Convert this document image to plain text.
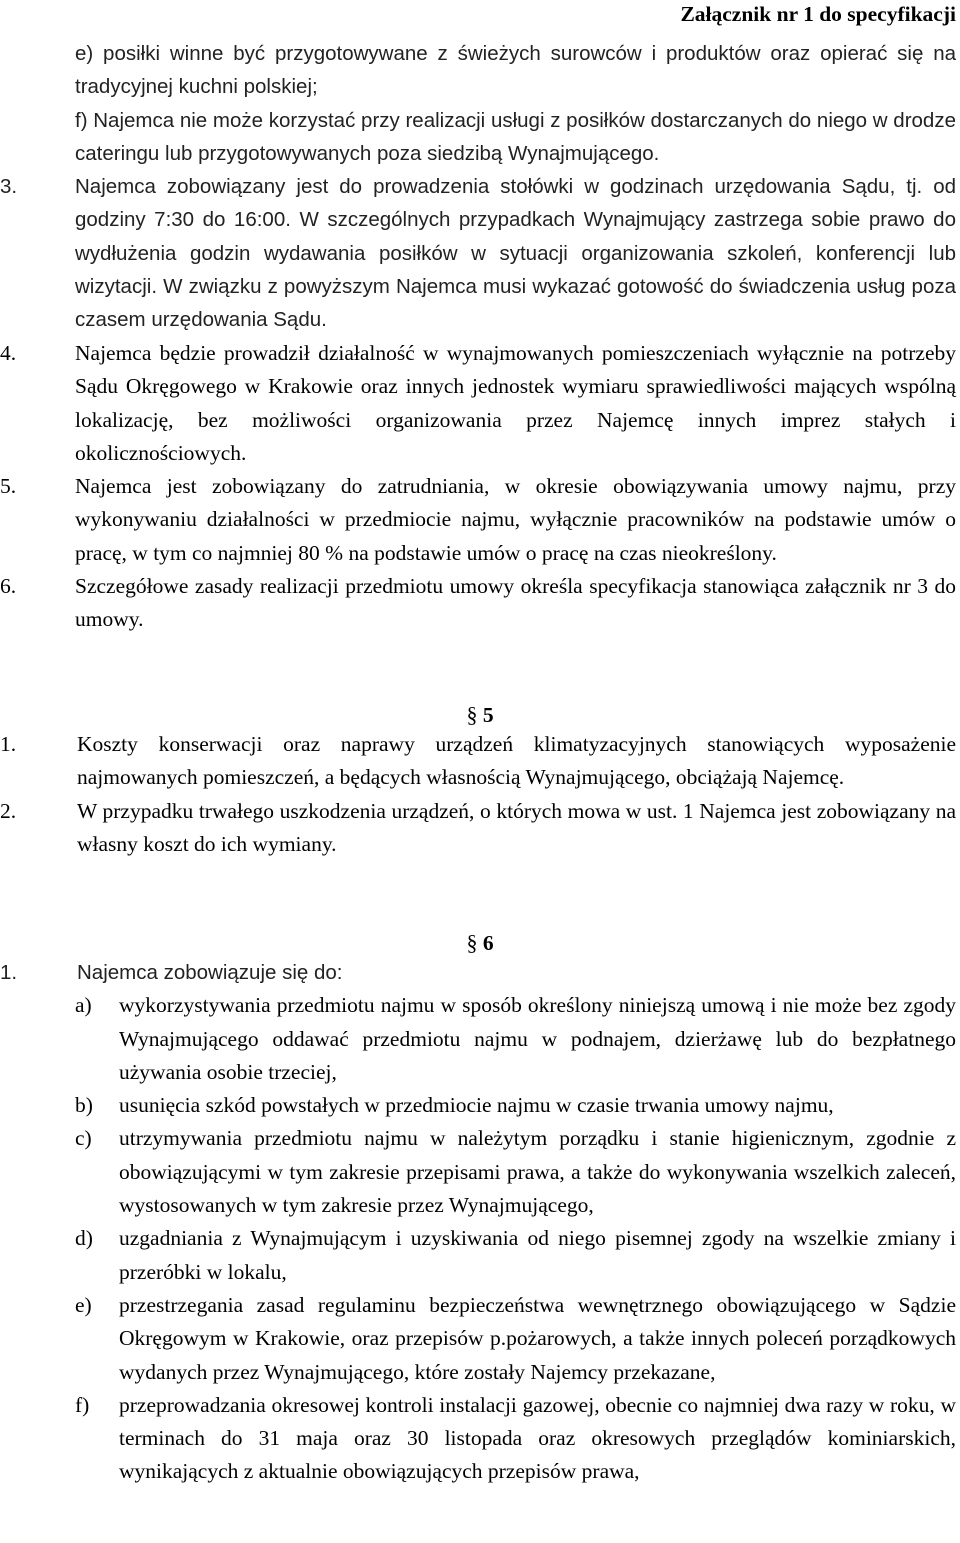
Załącznik nr 1 do specyfikacji

e) posiłki winne być przygotowywane z świeżych surowców i produktów oraz opierać się na tradycyjnej kuchni polskiej;

f) Najemca nie może korzystać przy realizacji usługi z posiłków dostarczanych do niego w drodze cateringu lub przygotowywanych poza siedzibą Wynajmującego.

3.	Najemca zobowiązany jest do prowadzenia stołówki w godzinach urzędowania Sądu, tj. od godziny 7:30 do 16:00. W szczególnych przypadkach Wynajmujący zastrzega sobie prawo do wydłużenia godzin wydawania posiłków w sytuacji organizowania szkoleń, konferencji lub wizytacji. W związku z powyższym Najemca musi wykazać gotowość do świadczenia usług poza czasem urzędowania Sądu.
4.	Najemca będzie prowadził działalność w wynajmowanych pomieszczeniach wyłącznie na potrzeby Sądu Okręgowego w Krakowie oraz innych jednostek wymiaru sprawiedliwości mających wspólną lokalizację, bez możliwości organizowania przez Najemcę innych imprez stałych i okolicznościowych.
5.	Najemca jest zobowiązany do zatrudniania, w okresie obowiązywania umowy najmu, przy wykonywaniu działalności w przedmiocie najmu, wyłącznie pracowników na podstawie umów o pracę, w tym co najmniej 80 % na podstawie umów o pracę na czas nieokreślony.
6.	Szczegółowe zasady realizacji przedmiotu umowy określa specyfikacja stanowiąca załącznik nr 3 do umowy.
§ 5
1.	Koszty konserwacji oraz naprawy urządzeń klimatyzacyjnych stanowiących wyposażenie najmowanych pomieszczeń, a będących własnością Wynajmującego, obciążają Najemcę.
2.	W przypadku trwałego uszkodzenia urządzeń, o których mowa w ust. 1 Najemca jest zobowiązany na własny koszt do ich wymiany.
§ 6
1.	Najemca zobowiązuje się do:
a)	wykorzystywania przedmiotu najmu w sposób określony niniejszą umową i nie może bez zgody Wynajmującego oddawać przedmiotu najmu w podnajem, dzierżawę lub do bezpłatnego używania osobie trzeciej,
b)	usunięcia szkód powstałych w przedmiocie najmu w czasie trwania umowy najmu,
c)	utrzymywania przedmiotu najmu w należytym porządku i stanie higienicznym, zgodnie z obowiązującymi w tym zakresie przepisami prawa, a także do wykonywania wszelkich zaleceń, wystosowanych w tym zakresie przez Wynajmującego,
d)	uzgadniania z Wynajmującym i uzyskiwania od niego pisemnej zgody na wszelkie zmiany i przeróbki w lokalu,
e)	przestrzegania zasad regulaminu bezpieczeństwa wewnętrznego obowiązującego w Sądzie Okręgowym w Krakowie, oraz przepisów p.pożarowych, a także innych poleceń porządkowych wydanych przez Wynajmującego, które zostały Najemcy przekazane,
f)	przeprowadzania okresowej kontroli instalacji gazowej, obecnie co najmniej dwa razy w roku, w terminach do 31 maja oraz 30 listopada oraz okresowych przeglądów kominiarskich, wynikających z aktualnie obowiązujących przepisów prawa,
